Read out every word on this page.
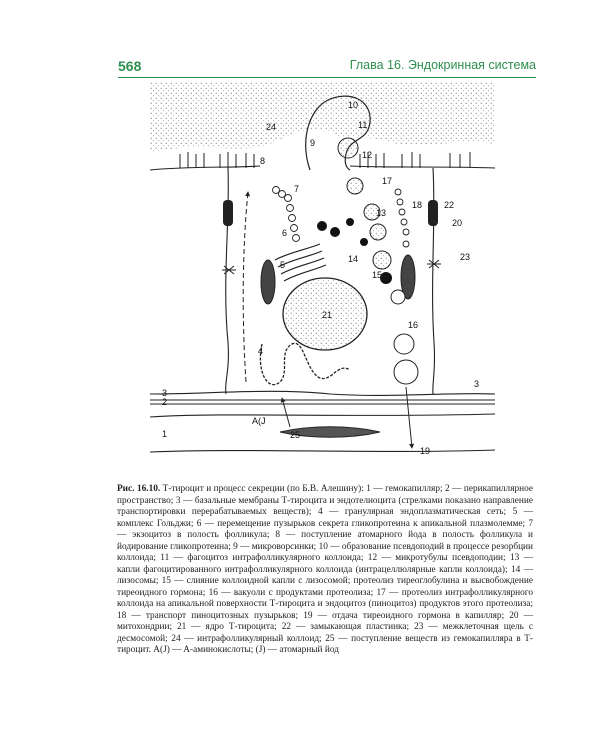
568	Глава 16. Эндокринная система
1
2
3
3
4
5
6
7
8
9
10
11
12
13
14
15
16
17
18
19
20
21
22
23
24
25
A(J
Рис. 16.10. Т-тироцит и процесс секреции (по Б.В. Алешину): 1 — гемокапилляр; 2 — перикапиллярное пространство; 3 — базальные мембраны Т-тироцита и эндотелиоцита (стрелками показано направление транспортировки перерабатываемых веществ); 4 — гранулярная эндоплазматическая сеть; 5 — комплекс Гольджи; 6 — перемещение пузырьков секрета гликопротеина к апикальной плазмолемме; 7 — экзоцитоз в полость фолликула; 8 — поступление атомарного йода в полость фолликула и йодирование гликопротеина; 9 — микроворсинки; 10 — образование псевдоподий в процессе резорбции коллоида; 11 — фагоцитоз интрафолликулярного коллоида; 12 — микротубулы псевдоподии; 13 — капли фагоцитированного интрафолликулярного коллоида (интрацеллюлярные капли коллоида); 14 — лизосомы; 15 — слияние коллоидной капли с лизосомой; протеолиз тиреоглобулина и высвобождение тиреоидного гормона; 16 — вакуоли с продуктами протеолиза; 17 — протеолиз интрафолликулярного коллоида на апикальной поверхности Т-тироцита и эндоцитоз (пиноцитоз) продуктов этого протеолиза; 18 — транспорт пиноцитозных пузырьков; 19 — отдача тиреоидного гормона в капилляр; 20 — митохондрии; 21 — ядро Т-тироцита; 22 — замыкающая пластинка; 23 — межклеточная щель с десмосомой; 24 — интрафолликулярный коллоид; 25 — поступление веществ из гемокапилляра в Т-тироцит. A(J) — A-аминокислоты; (J) — атомарный йод
